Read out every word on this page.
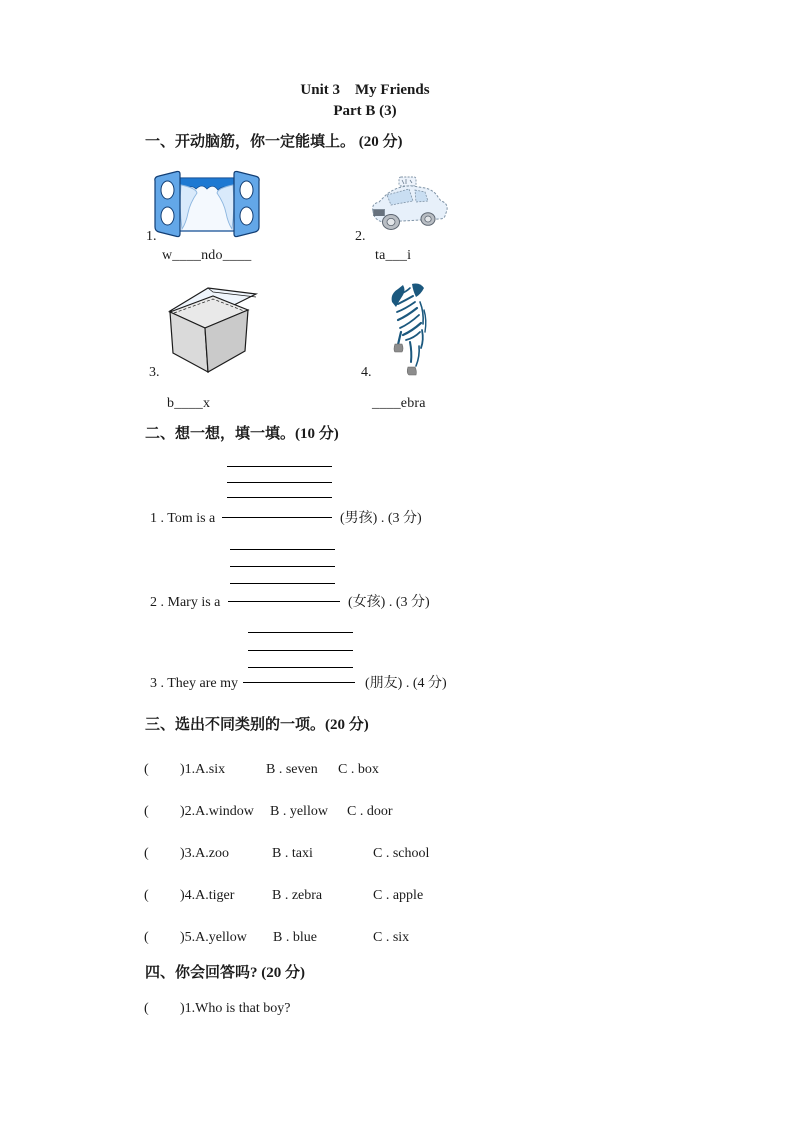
Unit 3　My Friends
Part B (3)
一、开动脑筋，你一定能填上。 (20 分)
1.
w____ndo____
2.
ta___i
3.
b____x
4.
____ebra
二、想一想，填一填。(10 分)
1 . Tom is a	(男孩) . (3 分)
2 . Mary is a	(女孩) . (3 分)
3 . They are my	(朋友) . (4 分)
三、选出不同类别的一项。(20 分)
( )1.A.six	B . seven C . box
( )2.A.window B . yellow C . door
( )3.A.zoo	B . taxi	C . school
( )4.A.tiger	B . zebra	C . apple
( )5.A.yellow B . blue	C . six
四、你会回答吗? (20 分)
( )1.Who is that boy?
